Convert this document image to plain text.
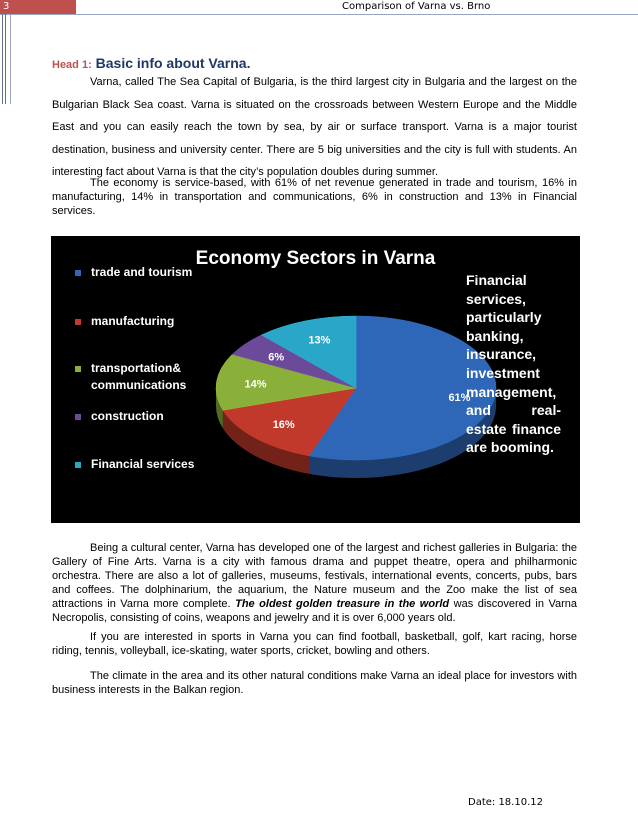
3	Comparison of Varna vs. Brno
Head 1: Basic info about Varna.

Varna, called The Sea Capital of Bulgaria, is the third largest city in Bulgaria and the largest on the Bulgarian Black Sea coast. Varna is situated on the crossroads between Western Europe and the Middle East and you can easily reach the town by sea, by air or surface transport. Varna is a major tourist destination, business and university center. There are 5 big universities and the city is full with students. An interesting fact about Varna is that the city’s population doubles during summer.

The economy is service-based, with 61% of net revenue generated in trade and tourism, 16% in manufacturing, 14% in transportation and communications, 6% in construction and 13% in Financial services.

61%
16%
14%
6%
13%
Economy Sectors in Varna
trade and tourism
manufacturing
transportation& communications
construction
Financial services
Financial services, particularly banking, insurance, investment management, and real-estate finance are booming.

Being a cultural center, Varna has developed one of the largest and richest galleries in Bulgaria: the Gallery of Fine Arts. Varna is a city with famous drama and puppet theatre, opera and philharmonic orchestra. There are also a lot of galleries, museums, festivals, international events, concerts, pubs, bars and coffees. The dolphinarium, the aquarium, the Nature museum and the Zoo make the list of sea attractions in Varna more complete. The oldest golden treasure in the world was discovered in Varna Necropolis, consisting of coins, weapons and jewelry and it is over 6,000 years old.

If you are interested in sports in Varna you can find football, basketball, golf, kart racing, horse riding, tennis, volleyball, ice-skating, water sports, cricket, bowling and others.

The climate in the area and its other natural conditions make Varna an ideal place for investors with business interests in the Balkan region.

Date: 18.10.12
